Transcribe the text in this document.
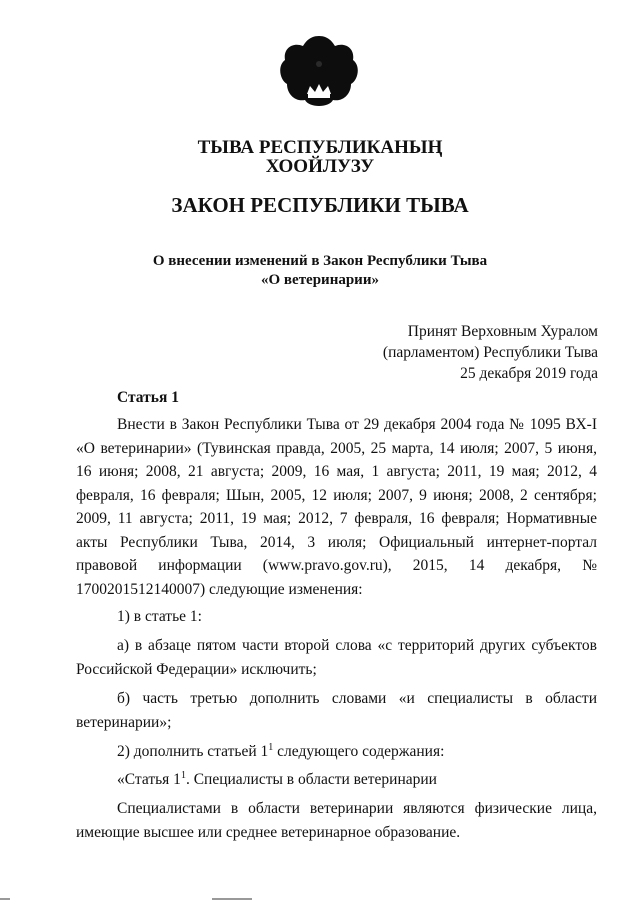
ТЫВА РЕСПУБЛИКАНЫҢ
ХООЙЛУЗУ
ЗАКОН РЕСПУБЛИКИ ТЫВА
О внесении изменений в Закон Республики Тыва
«О ветеринарии»
Принят Верховным Хуралом
(парламентом) Республики Тыва
25 декабря 2019 года
Статья 1

Внести в Закон Республики Тыва от 29 декабря 2004 года № 1095 ВХ-I «О ветеринарии» (Тувинская правда, 2005, 25 марта, 14 июля; 2007, 5 июня, 16 июня; 2008, 21 августа; 2009, 16 мая, 1 августа; 2011, 19 мая; 2012, 4 февраля, 16 февраля; Шын, 2005, 12 июля; 2007, 9 июня; 2008, 2 сентября; 2009, 11 августа; 2011, 19 мая; 2012, 7 февраля, 16 февраля; Нормативные акты Республики Тыва, 2014, 3 июля; Официальный интернет-портал правовой информации (www.pravo.gov.ru), 2015, 14 декабря, № 1700201512140007) следующие изменения:

1) в статье 1:

а) в абзаце пятом части второй слова «с территорий других субъектов Российской Федерации» исключить;

б) часть третью дополнить словами «и специалисты в области ветеринарии»;

2) дополнить статьей $1^1$ следующего содержания:

«Статья $1^1$. Специалисты в области ветеринарии

Специалистами в области ветеринарии являются физические лица, имеющие высшее или среднее ветеринарное образование.
